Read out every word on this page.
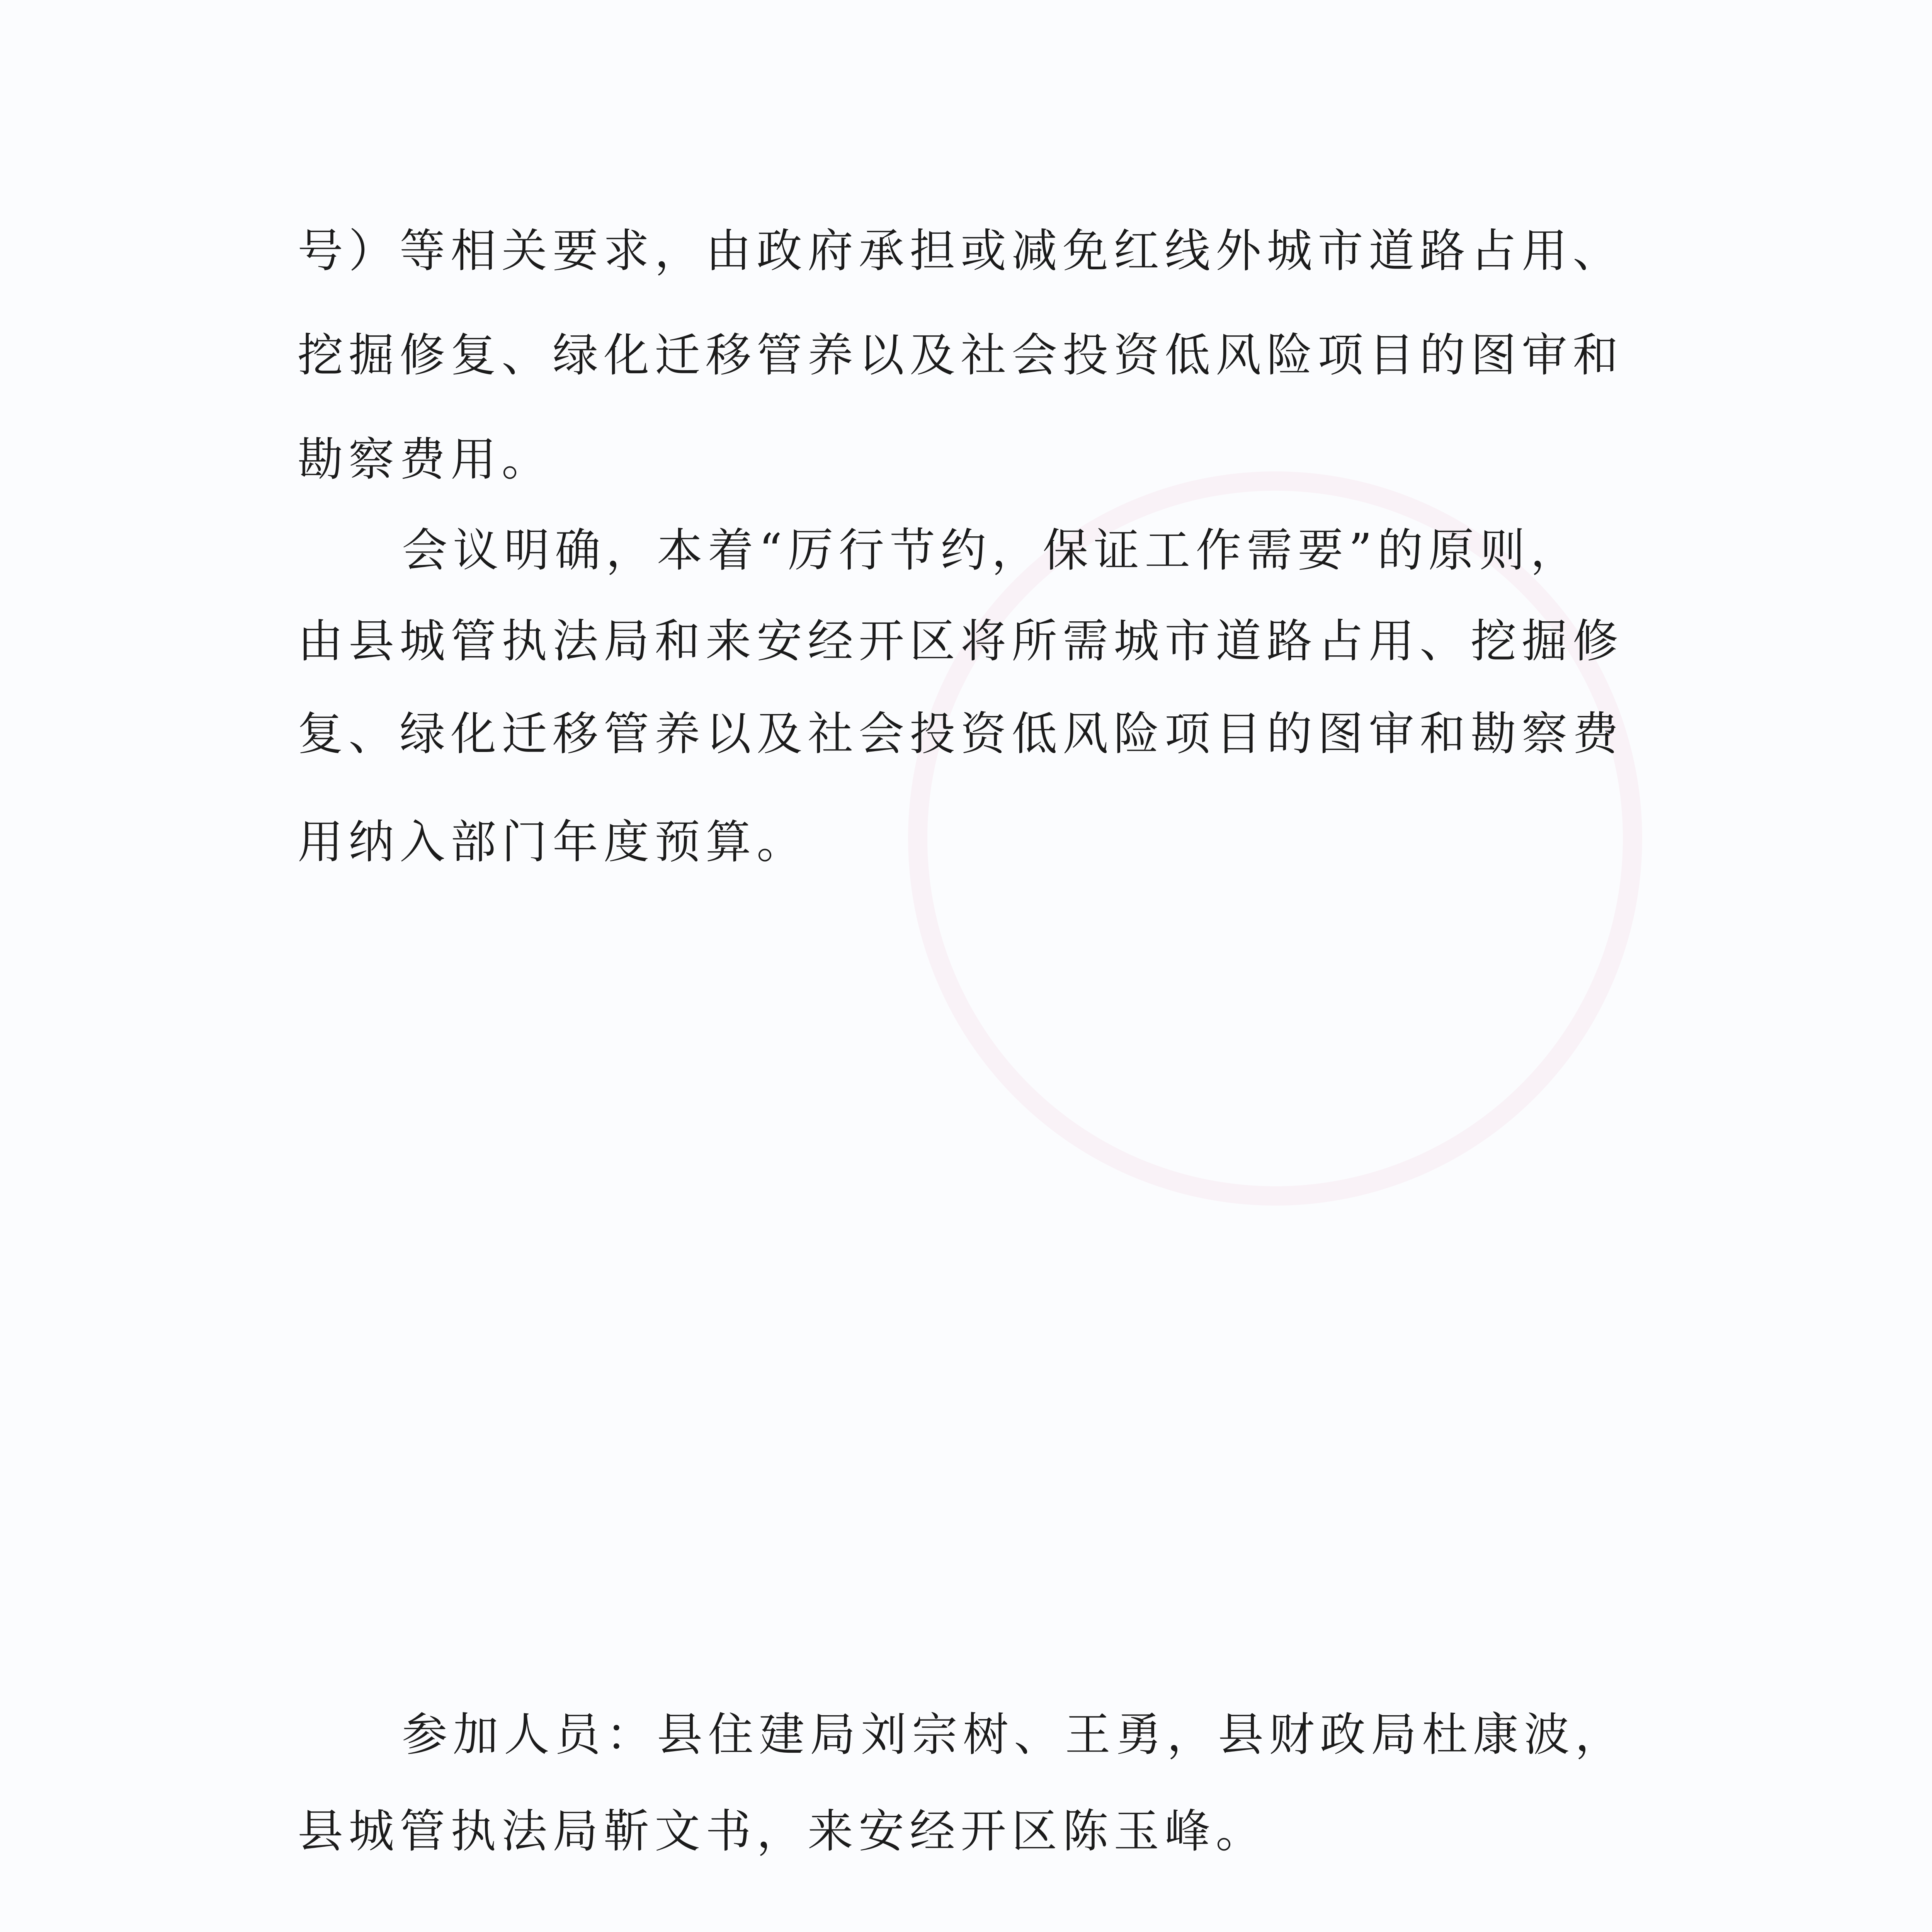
号）等相关要求，由政府承担或减免红线外城市道路占用、
挖掘修复、绿化迁移管养以及社会投资低风险项目的图审和
勘察费用。
会议明确，本着“厉行节约，保证工作需要”的原则，
由县城管执法局和来安经开区将所需城市道路占用、挖掘修
复、绿化迁移管养以及社会投资低风险项目的图审和勘察费
用纳入部门年度预算。
参加人员：县住建局刘宗树、王勇，县财政局杜康波，
县城管执法局靳文书，来安经开区陈玉峰。
